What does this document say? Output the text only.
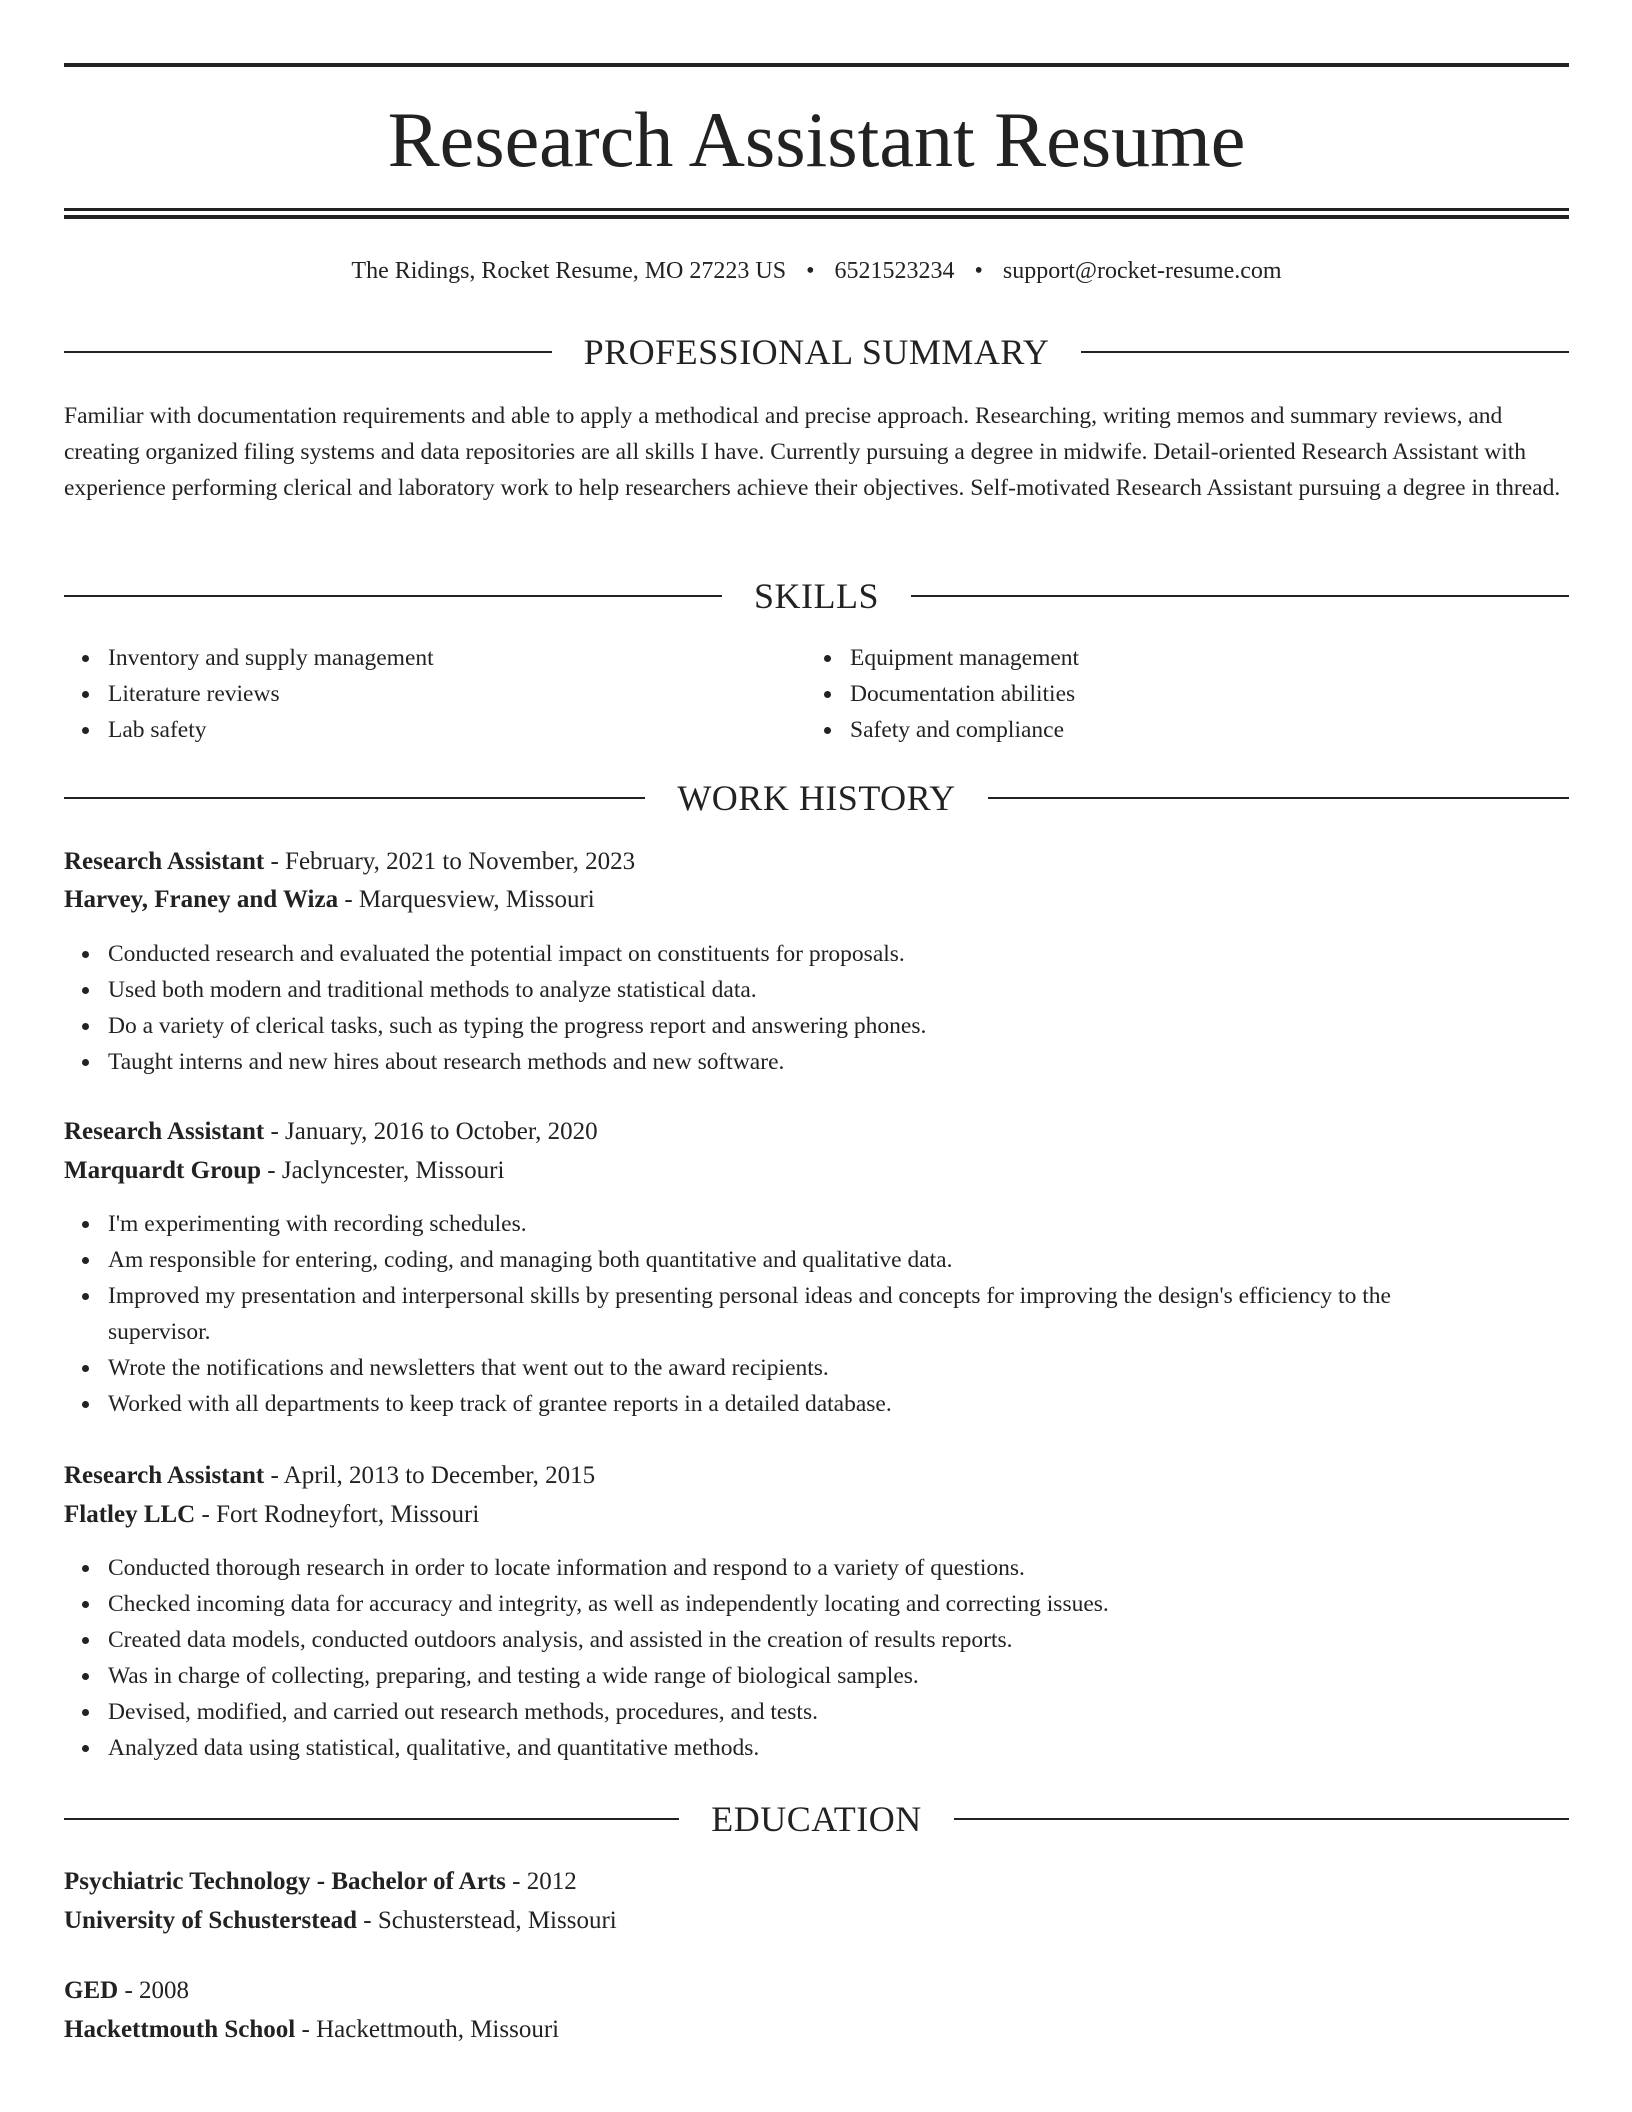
Research Assistant Resume
The Ridings, Rocket Resume, MO 27223 US • 6521523234 • support@rocket-resume.com
PROFESSIONAL SUMMARY

Familiar with documentation requirements and able to apply a methodical and precise approach. Researching, writing memos and summary reviews, and creating organized filing systems and data repositories are all skills I have. Currently pursuing a degree in midwife. Detail-oriented Research Assistant with experience performing clerical and laboratory work to help researchers achieve their objectives. Self-motivated Research Assistant pursuing a degree in thread.

SKILLS
Inventory and supply management
Literature reviews
Lab safety
Equipment management
Documentation abilities
Safety and compliance
WORK HISTORY
Research Assistant - February, 2021 to November, 2023
Harvey, Franey and Wiza - Marquesview, Missouri
Conducted research and evaluated the potential impact on constituents for proposals.
Used both modern and traditional methods to analyze statistical data.
Do a variety of clerical tasks, such as typing the progress report and answering phones.
Taught interns and new hires about research methods and new software.
Research Assistant - January, 2016 to October, 2020
Marquardt Group - Jaclyncester, Missouri
I'm experimenting with recording schedules.
Am responsible for entering, coding, and managing both quantitative and qualitative data.
Improved my presentation and interpersonal skills by presenting personal ideas and concepts for improving the design's efficiency to the supervisor.
Wrote the notifications and newsletters that went out to the award recipients.
Worked with all departments to keep track of grantee reports in a detailed database.
Research Assistant - April, 2013 to December, 2015
Flatley LLC - Fort Rodneyfort, Missouri
Conducted thorough research in order to locate information and respond to a variety of questions.
Checked incoming data for accuracy and integrity, as well as independently locating and correcting issues.
Created data models, conducted outdoors analysis, and assisted in the creation of results reports.
Was in charge of collecting, preparing, and testing a wide range of biological samples.
Devised, modified, and carried out research methods, procedures, and tests.
Analyzed data using statistical, qualitative, and quantitative methods.
EDUCATION
Psychiatric Technology - Bachelor of Arts - 2012
University of Schusterstead - Schusterstead, Missouri
GED - 2008
Hackettmouth School - Hackettmouth, Missouri
